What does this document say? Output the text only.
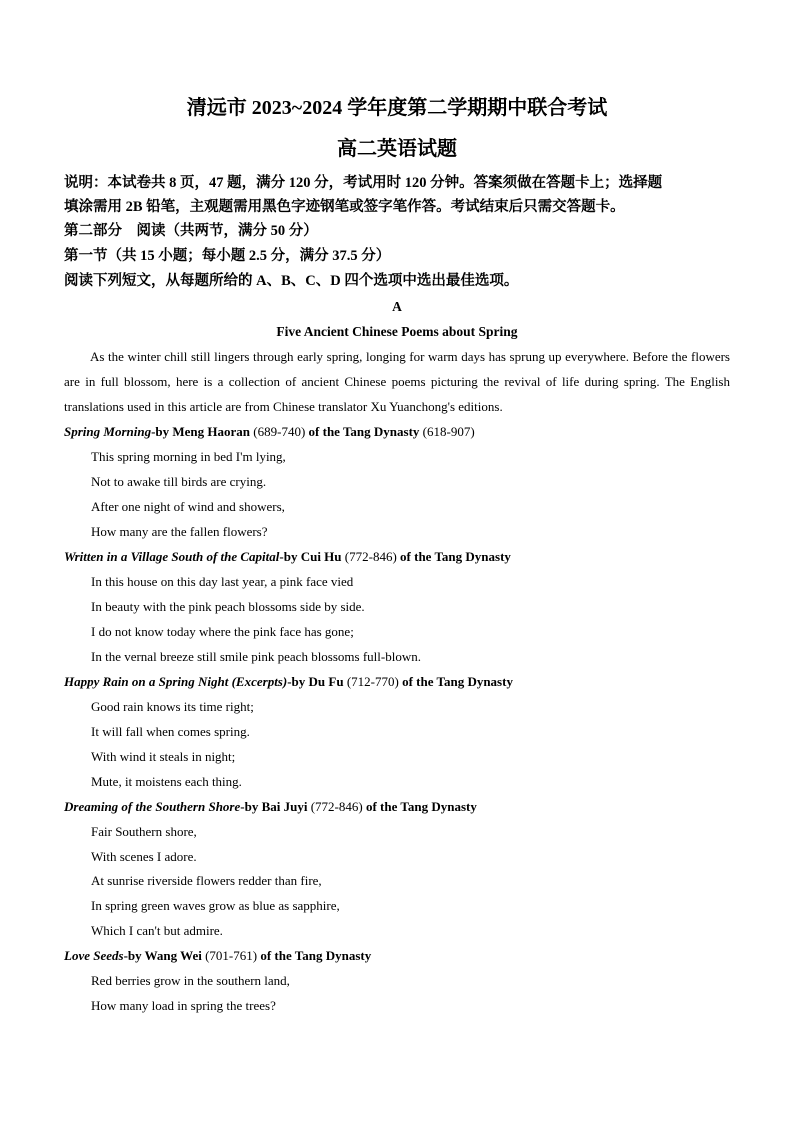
清远市 2023~2024 学年度第二学期期中联合考试
高二英语试题
说明：本试卷共 8 页，47 题，满分 120 分，考试用时 120 分钟。答案须做在答题卡上；选择题
填涂需用 2B 铅笔，主观题需用黑色字迹钢笔或签字笔作答。考试结束后只需交答题卡。
第二部分　阅读（共两节，满分 50 分）
第一节（共 15 小题；每小题 2.5 分，满分 37.5 分）
阅读下列短文，从每题所给的 A、B、C、D 四个选项中选出最佳选项。
A
Five Ancient Chinese Poems about Spring
As the winter chill still lingers through early spring, longing for warm days has sprung up everywhere. Before the flowers are in full blossom, here is a collection of ancient Chinese poems picturing the revival of life during spring. The English translations used in this article are from Chinese translator Xu Yuanchong's editions.
Spring Morning-by Meng Haoran (689-740) of the Tang Dynasty (618-907)
This spring morning in bed I'm lying,
Not to awake till birds are crying.
After one night of wind and showers,
How many are the fallen flowers?
Written in a Village South of the Capital-by Cui Hu (772-846) of the Tang Dynasty
In this house on this day last year, a pink face vied
In beauty with the pink peach blossoms side by side.
I do not know today where the pink face has gone;
In the vernal breeze still smile pink peach blossoms full-blown.
Happy Rain on a Spring Night (Excerpts)-by Du Fu (712-770) of the Tang Dynasty
Good rain knows its time right;
It will fall when comes spring.
With wind it steals in night;
Mute, it moistens each thing.
Dreaming of the Southern Shore-by Bai Juyi (772-846) of the Tang Dynasty
Fair Southern shore,
With scenes I adore.
At sunrise riverside flowers redder than fire,
In spring green waves grow as blue as sapphire,
Which I can't but admire.
Love Seeds-by Wang Wei (701-761) of the Tang Dynasty
Red berries grow in the southern land,
How many load in spring the trees?
